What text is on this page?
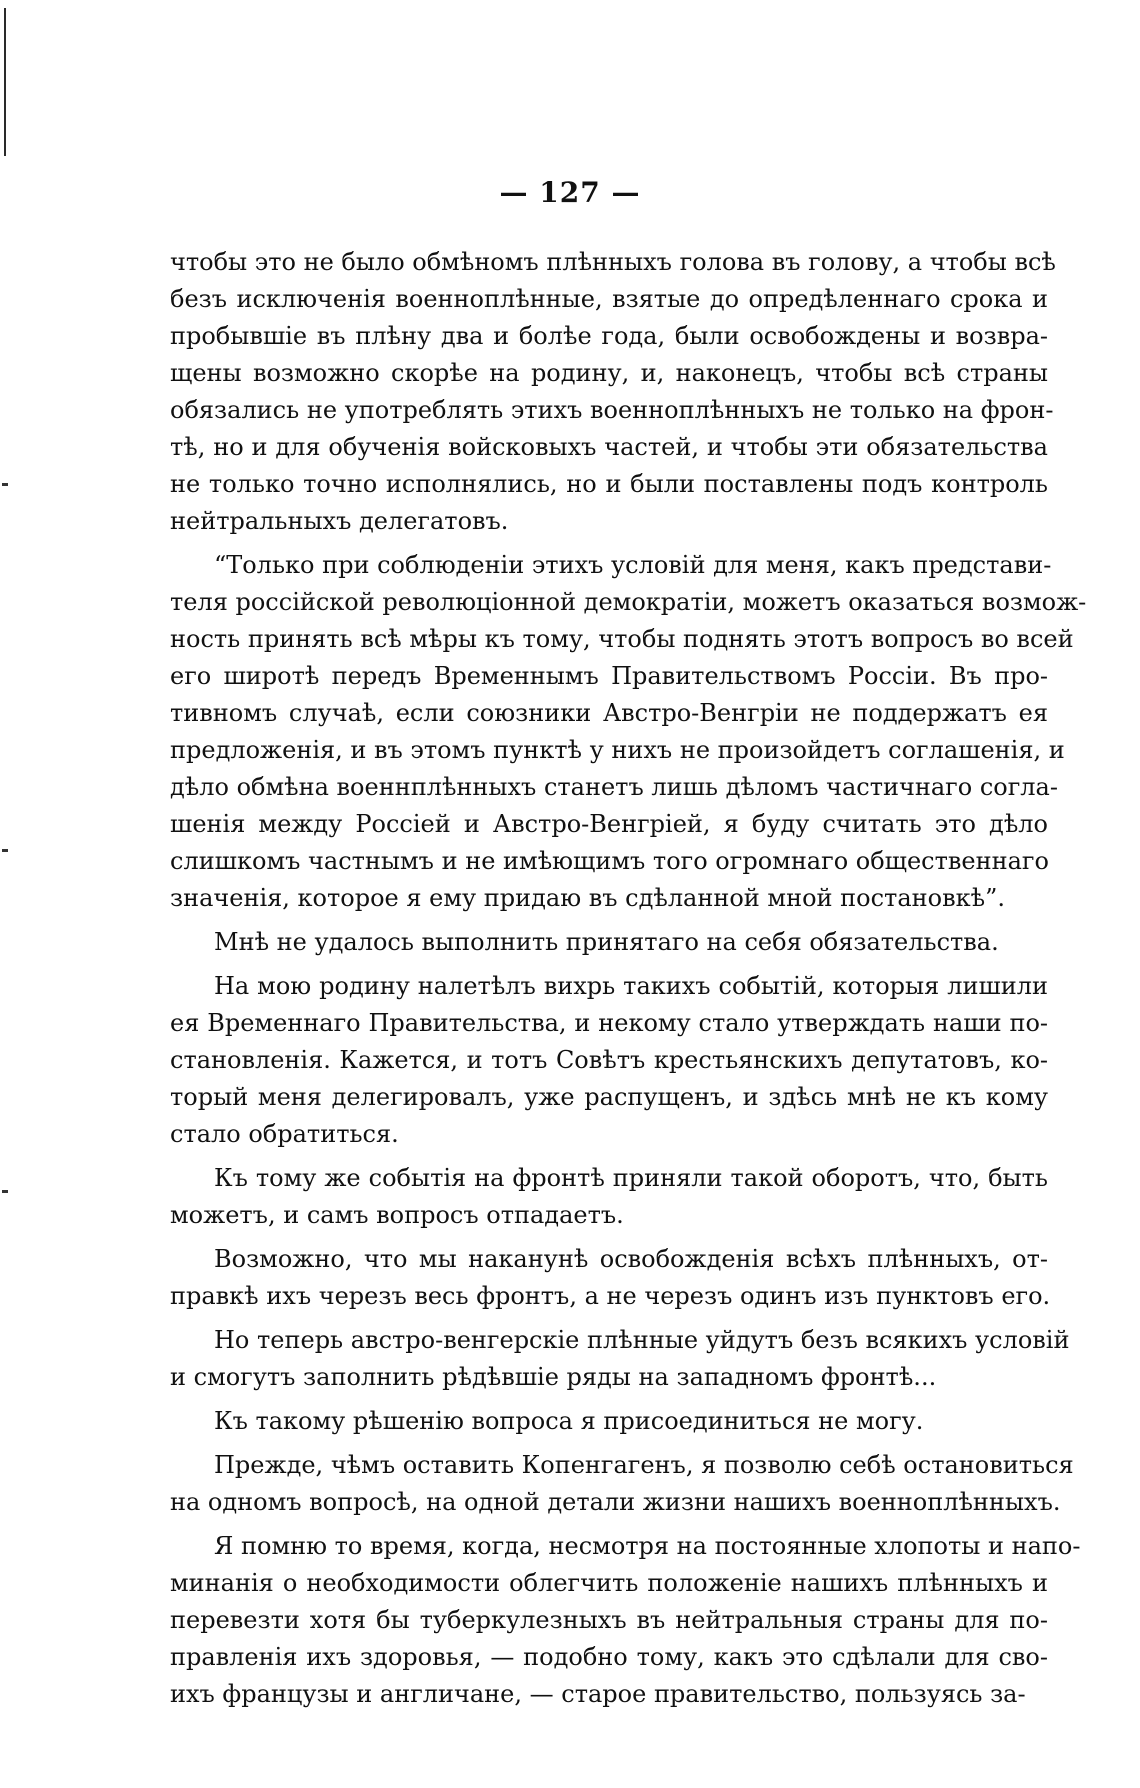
— 127 —
чтобы это не было обмѣномъ плѣнныхъ голова въ голову, а чтобы всѣ
безъ исключенія военноплѣнные, взятые до опредѣленнаго срока и
пробывшіе въ плѣну два и болѣе года, были освобождены и возвра-
щены возможно скорѣе на родину, и, наконецъ, чтобы всѣ страны
обязались не употреблять этихъ военноплѣнныхъ не только на фрон-
тѣ, но и для обученія войсковыхъ частей, и чтобы эти обязательства
не только точно исполнялись, но и были поставлены подъ контроль
нейтральныхъ делегатовъ.
“Только при соблюденіи этихъ условій для меня, какъ представи-
теля россійской революціонной демократіи, можетъ оказаться возмож-
ность принять всѣ мѣры къ тому, чтобы поднять этотъ вопросъ во всей
его широтѣ передъ Временнымъ Правительствомъ Россіи. Въ про-
тивномъ случаѣ, если союзники Австро-Венгріи не поддержатъ ея
предложенія, и въ этомъ пунктѣ у нихъ не произойдетъ соглашенія, и
дѣло обмѣна военнплѣнныхъ станетъ лишь дѣломъ частичнаго согла-
шенія между Россіей и Австро-Венгріей, я буду считать это дѣло
слишкомъ частнымъ и не имѣющимъ того огромнаго общественнаго
значенія, которое я ему придаю въ сдѣланной мной постановкѣ”.
Мнѣ не удалось выполнить принятаго на себя обязательства.
На мою родину налетѣлъ вихрь такихъ событій, которыя лишили
ея Временнаго Правительства, и некому стало утверждать наши по-
становленія. Кажется, и тотъ Совѣтъ крестьянскихъ депутатовъ, ко-
торый меня делегировалъ, уже распущенъ, и здѣсь мнѣ не къ кому
стало обратиться.
Къ тому же событія на фронтѣ приняли такой оборотъ, что, быть
можетъ, и самъ вопросъ отпадаетъ.
Возможно, что мы наканунѣ освобожденія всѣхъ плѣнныхъ, от-
правкѣ ихъ черезъ весь фронтъ, а не черезъ одинъ изъ пунктовъ его.
Но теперь австро-венгерскіе плѣнные уйдутъ безъ всякихъ условій
и смогутъ заполнить рѣдѣвшіе ряды на западномъ фронтѣ...
Къ такому рѣшенію вопроса я присоединиться не могу.
Прежде, чѣмъ оставить Копенгагенъ, я позволю себѣ остановиться
на одномъ вопросѣ, на одной детали жизни нашихъ военноплѣнныхъ.
Я помню то время, когда, несмотря на постоянные хлопоты и напо-
минанія о необходимости облегчить положеніе нашихъ плѣнныхъ и
перевезти хотя бы туберкулезныхъ въ нейтральныя страны для по-
правленія ихъ здоровья, — подобно тому, какъ это сдѣлали для сво-
ихъ французы и англичане, — старое правительство, пользуясь за-
